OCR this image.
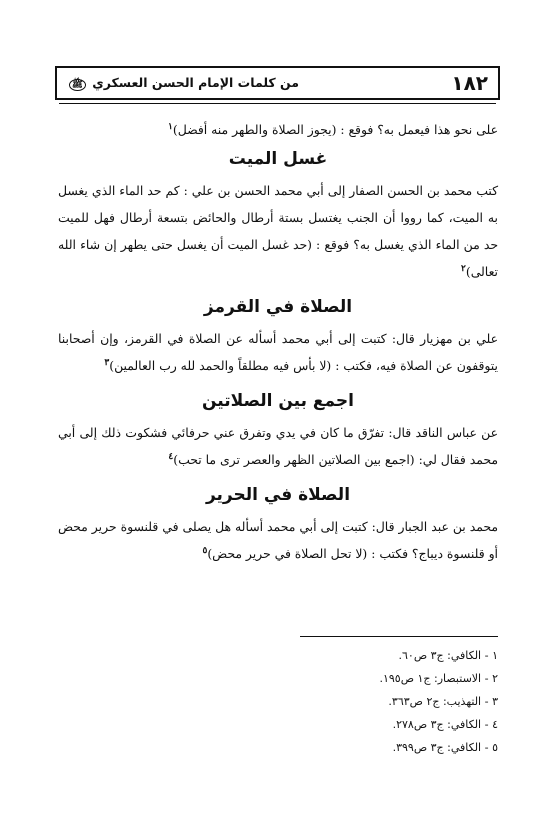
١٨٢
من كلمات الإمام الحسن العسكري ﷺ

على نحو هذا فيعمل به؟ فوقع : (يجوز الصلاة والطهر منه أفضل)$^١$

غسل الميت

كتب محمد بن الحسن الصفار إلى أبي محمد الحسن بن علي : كم حد الماء الذي يغسل به الميت، كما رووا أن الجنب يغتسل بستة أرطال والحائض بتسعة أرطال فهل للميت حد من الماء الذي يغسل به؟ فوقع : (حد غسل الميت أن يغسل حتى يطهر إن شاء الله تعالى)$^٢$

الصلاة في القرمز

علي بن مهزيار قال: كتبت إلى أبي محمد أسأله عن الصلاة في القرمز، وإن أصحابنا يتوقفون عن الصلاة فيه، فكتب : (لا بأس فيه مطلقاً والحمد لله رب العالمين)$^٣$

اجمع بين الصلاتين

عن عباس الناقد قال: تفرّق ما كان في يدي وتفرق عني حرفائي فشكوت ذلك إلى أبي محمد فقال لي: (اجمع بين الصلاتين الظهر والعصر ترى ما تحب)$^٤$

الصلاة في الحرير

محمد بن عبد الجبار قال: كتبت إلى أبي محمد أسأله هل يصلى في قلنسوة حرير محض أو قلنسوة ديباج؟ فكتب : (لا تحل الصلاة في حرير محض)$^٥$

١ - الكافي: ج٣ ص٦٠.
٢ - الاستبصار: ج١ ص١٩٥.
٣ - التهذيب: ج٢ ص٣٦٣.
٤ - الكافي: ج٣ ص٢٧٨.
٥ - الكافي: ج٣ ص٣٩٩.
